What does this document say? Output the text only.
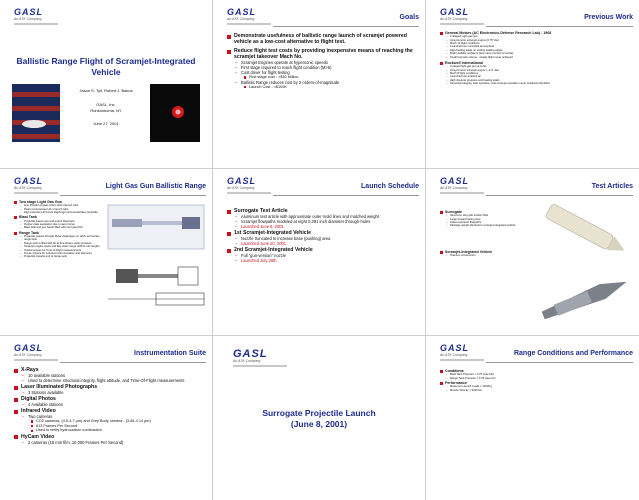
GASL
An ATK Company
Ballistic Range Flight of Scramjet-Integrated Vehicle
Jason S. Tyll, Robert J. Bakos
GASL, Inc.
Ronkonkoma, NY
June 27, 2001
GASL
An ATK Company	Goals
Demonstrate usefulness of ballistic range launch of scramjet powered vehicle as a low-cost alternative to flight test.
Reduce flight test costs by providing inexpensive means of reaching the scramjet takeover Mach No.
– Scramjet Engines operate at hypersonic speeds
– First stage required to reach flight condition (M>6)
– Cost driver for flight testing
First stage cost - >$10 Million
– Ballistic Range reduces cost by 2 orders-of-magnitude
Launch Cost - <$100K
GASL
An ATK Company	Previous Work
General Motors (AC Electronics-Defense Research Lab) - 1968
– 2-Staged Light gas gun
– Axisymmetric scramjet engine (0.75" dia)
– Mach 12 flight conditions
– Launched into controlled atmosphere
– High heating loads on scaling leading edges
– Flight stability problems (low mass moment of inertia)
– Small fuel tank volume - steady flight never achieved
Rockwell International
– 2-staged light gas gun at LLNL
– Axisymmetric scramjet engine (~4.0" dia)
– Mach 8 flight conditions
– Launched into ambient air
– High dynamic pressure and heating loads
– Structural integrity, inlet operation, and scramjet operation never positively identified
GASL
An ATK Company	Light Gas Gun Ballistic Range
Two stage Light Gas Gun
– Gun Powder propels piston down launch tube
– Piston compresses H2 in launch tube
– High pressure H2 bursts diaphragm and accelerates projectile
Blast Tank
– Projectile leaves gun and enters blast tank
– Pusher plate separation due to aero forces
– Blast tank and gun barrel filled with inert gas (N2)
Range Tank
– Projectile passes through Mylar diaphragm (or HAX) and enters range tank
– Range tank is filled with air at free stream static pressure
– Scramjet engine starts and flies down range (180-ft max length)
– Optical access for Time-of-Flight measurements
– Future options for onboard instrumentation and telemetry
– Projectile impacts end of range tank
GASL
An ATK Company	Launch Schedule
Surrogate Test Article
– Aluminum test article with approximate outer mold lines and matched weight
– Scramjet flowpaths modeled at eight 0.391 inch diameter through-holes
– Launched June 8, 2001
1st Scramjet-Integrated Vehicle
– Nozzle truncated to increase base (pushing) area
– Launched June 20, 2001
2nd Scramjet-Integrated Vehicle
– Full "gun-version" nozzle
– Launched July 26th
GASL
An ATK Company	Test Articles
Surrogate
– Aluminum slug with similar OML
– Large forward facing step
– Holes represent flowpaths
– Package weight identical to scramjet-integrated vehicle
Scramjet-Integrated Vehicle
– Titanium construction
GASL
An ATK Company	Instrumentation Suite
X-Rays
– 10 available stations
– Used to determine structural integrity, flight attitude, and Time-Of-Flight measurements
Laser Illuminated Photographs
– 3 Stations available
Digital Photos
– 4 Available stations
Infrared Video
– Two cameras
CO2 cameras, (4.5-4.7 µm) and Grey Body camera - (3.84-4.14 µm)
613 Frames Per Second
Used to verify hydrocarbon combustion
HyCam Video
– 2 cameras (16 mm film, 10,000 Frames Per Second)
GASL
An ATK Company
Surrogate Projectile Launch
(June 8, 2001)
GASL
An ATK Company	Range Conditions and Performance
Conditions
– Blast Tank Pressure = 0.75 psia (N2)
– Range Tank Pressure = 0.78 psia (Air)
Performance
– Maximum Launch Loads = 12000 g
– Muzzle Velocity = 5220 ft/s
